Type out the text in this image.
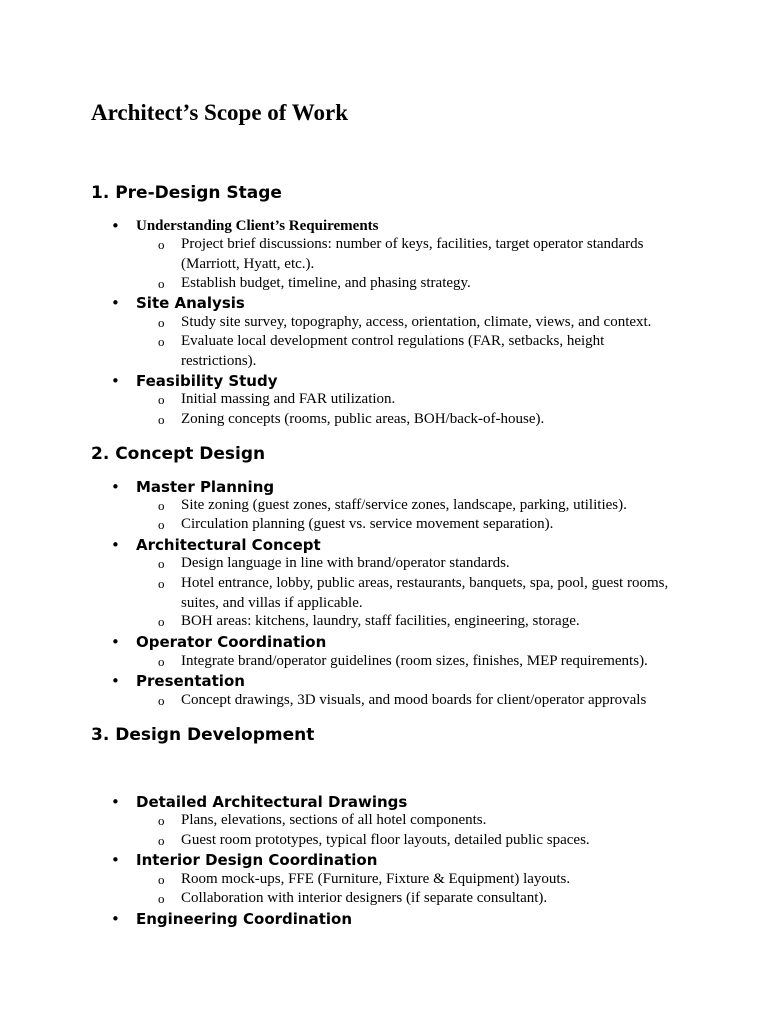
Architect’s Scope of Work
1. Pre-Design Stage
• Understanding Client’s Requirements
o Project brief discussions: number of keys, facilities, target operator standards (Marriott, Hyatt, etc.).
o Establish budget, timeline, and phasing strategy.
• Site Analysis
o Study site survey, topography, access, orientation, climate, views, and context.
o Evaluate local development control regulations (FAR, setbacks, height restrictions).
• Feasibility Study
o Initial massing and FAR utilization.
o Zoning concepts (rooms, public areas, BOH/back-of-house).
2. Concept Design
• Master Planning
o Site zoning (guest zones, staff/service zones, landscape, parking, utilities).
o Circulation planning (guest vs. service movement separation).
• Architectural Concept
o Design language in line with brand/operator standards.
o Hotel entrance, lobby, public areas, restaurants, banquets, spa, pool, guest rooms, suites, and villas if applicable.
o BOH areas: kitchens, laundry, staff facilities, engineering, storage.
• Operator Coordination
o Integrate brand/operator guidelines (room sizes, finishes, MEP requirements).
• Presentation
o Concept drawings, 3D visuals, and mood boards for client/operator approvals
3. Design Development
• Detailed Architectural Drawings
o Plans, elevations, sections of all hotel components.
o Guest room prototypes, typical floor layouts, detailed public spaces.
• Interior Design Coordination
o Room mock-ups, FFE (Furniture, Fixture & Equipment) layouts.
o Collaboration with interior designers (if separate consultant).
• Engineering Coordination
